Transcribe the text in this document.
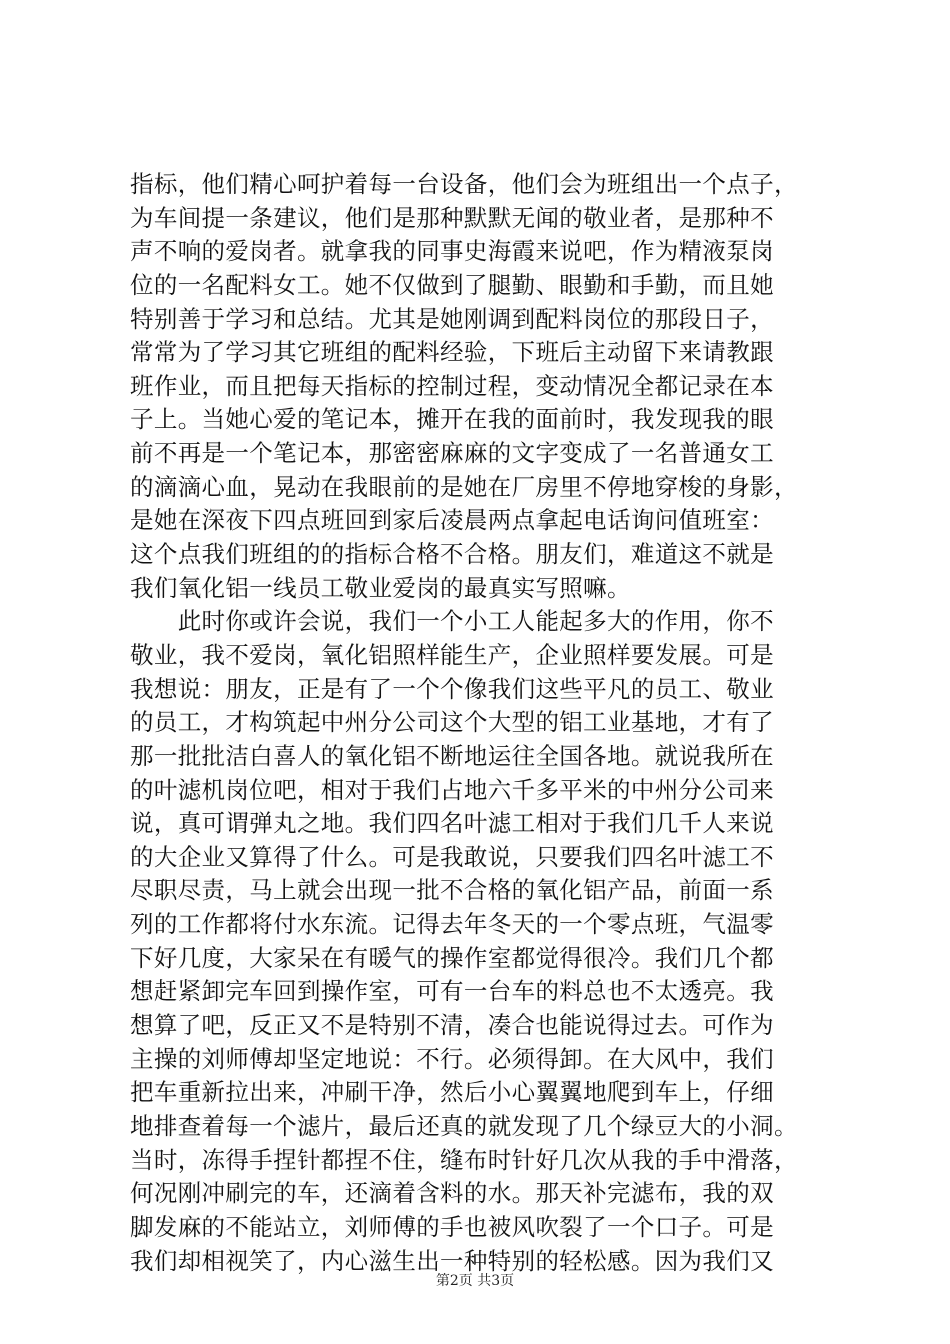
指标，他们精心呵护着每一台设备，他们会为班组出一个点子，
为车间提一条建议，他们是那种默默无闻的敬业者，是那种不
声不响的爱岗者。就拿我的同事史海霞来说吧，作为精液泵岗
位的一名配料女工。她不仅做到了腿勤、眼勤和手勤，而且她
特别善于学习和总结。尤其是她刚调到配料岗位的那段日子，
常常为了学习其它班组的配料经验，下班后主动留下来请教跟
班作业，而且把每天指标的控制过程，变动情况全都记录在本
子上。当她心爱的笔记本，摊开在我的面前时，我发现我的眼
前不再是一个笔记本，那密密麻麻的文字变成了一名普通女工
的滴滴心血，晃动在我眼前的是她在厂房里不停地穿梭的身影，
是她在深夜下四点班回到家后凌晨两点拿起电话询问值班室：
这个点我们班组的的指标合格不合格。朋友们，难道这不就是
我们氧化铝一线员工敬业爱岗的最真实写照嘛。
　　此时你或许会说，我们一个小工人能起多大的作用，你不
敬业，我不爱岗，氧化铝照样能生产，企业照样要发展。可是
我想说：朋友，正是有了一个个像我们这些平凡的员工、敬业
的员工，才构筑起中州分公司这个大型的铝工业基地，才有了
那一批批洁白喜人的氧化铝不断地运往全国各地。就说我所在
的叶滤机岗位吧，相对于我们占地六千多平米的中州分公司来
说，真可谓弹丸之地。我们四名叶滤工相对于我们几千人来说
的大企业又算得了什么。可是我敢说，只要我们四名叶滤工不
尽职尽责，马上就会出现一批不合格的氧化铝产品，前面一系
列的工作都将付水东流。记得去年冬天的一个零点班，气温零
下好几度，大家呆在有暖气的操作室都觉得很冷。我们几个都
想赶紧卸完车回到操作室，可有一台车的料总也不太透亮。我
想算了吧，反正又不是特别不清，凑合也能说得过去。可作为
主操的刘师傅却坚定地说：不行。必须得卸。在大风中，我们
把车重新拉出来，冲刷干净，然后小心翼翼地爬到车上，仔细
地排查着每一个滤片，最后还真的就发现了几个绿豆大的小洞。
当时，冻得手捏针都捏不住，缝布时针好几次从我的手中滑落，
何况刚冲刷完的车，还滴着含料的水。那天补完滤布，我的双
脚发麻的不能站立，刘师傅的手也被风吹裂了一个口子。可是
我们却相视笑了，内心滋生出一种特别的轻松感。因为我们又
第2页 共3页
